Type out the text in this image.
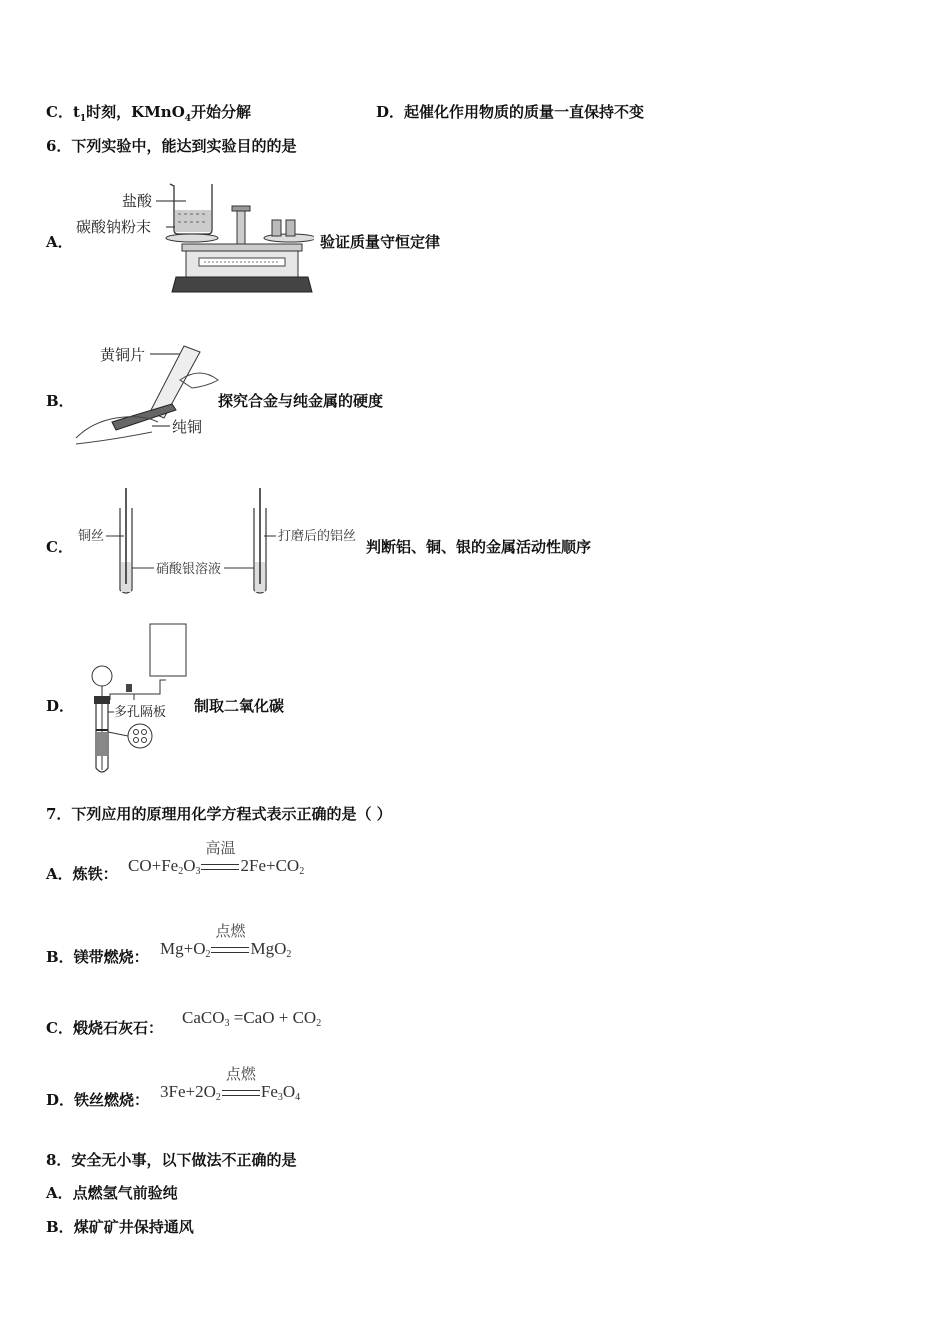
C．$t_1$时刻，KMnO$_4$开始分解	D．起催化作用物质的质量一直保持不变
6．下列实验中，能达到实验目的的是
A．
盐酸
碳酸钠粉末
验证质量守恒定律
B．
黄铜片
纯铜
探究合金与纯金属的硬度
C．
铜丝
硝酸银溶液
打磨后的铝丝
判断铝、铜、银的金属活动性顺序
D．	多孔隔板 制取二氧化碳
7．下列应用的原理用化学方程式表示正确的是（ ）
A．炼铁： $CO+Fe_2O_3$
高温
$2Fe+CO_2$
B．镁带燃烧： $Mg+O_2$
点燃
MgO$_2$
C．煅烧石灰石：
CaCO$_3$ $=CaO + CO_2$
D．铁丝燃烧： $3Fe+2O_2$
点燃
$Fe_3O_4$
8．安全无小事，以下做法不正确的是
A．点燃氢气前验纯
B．煤矿矿井保持通风
